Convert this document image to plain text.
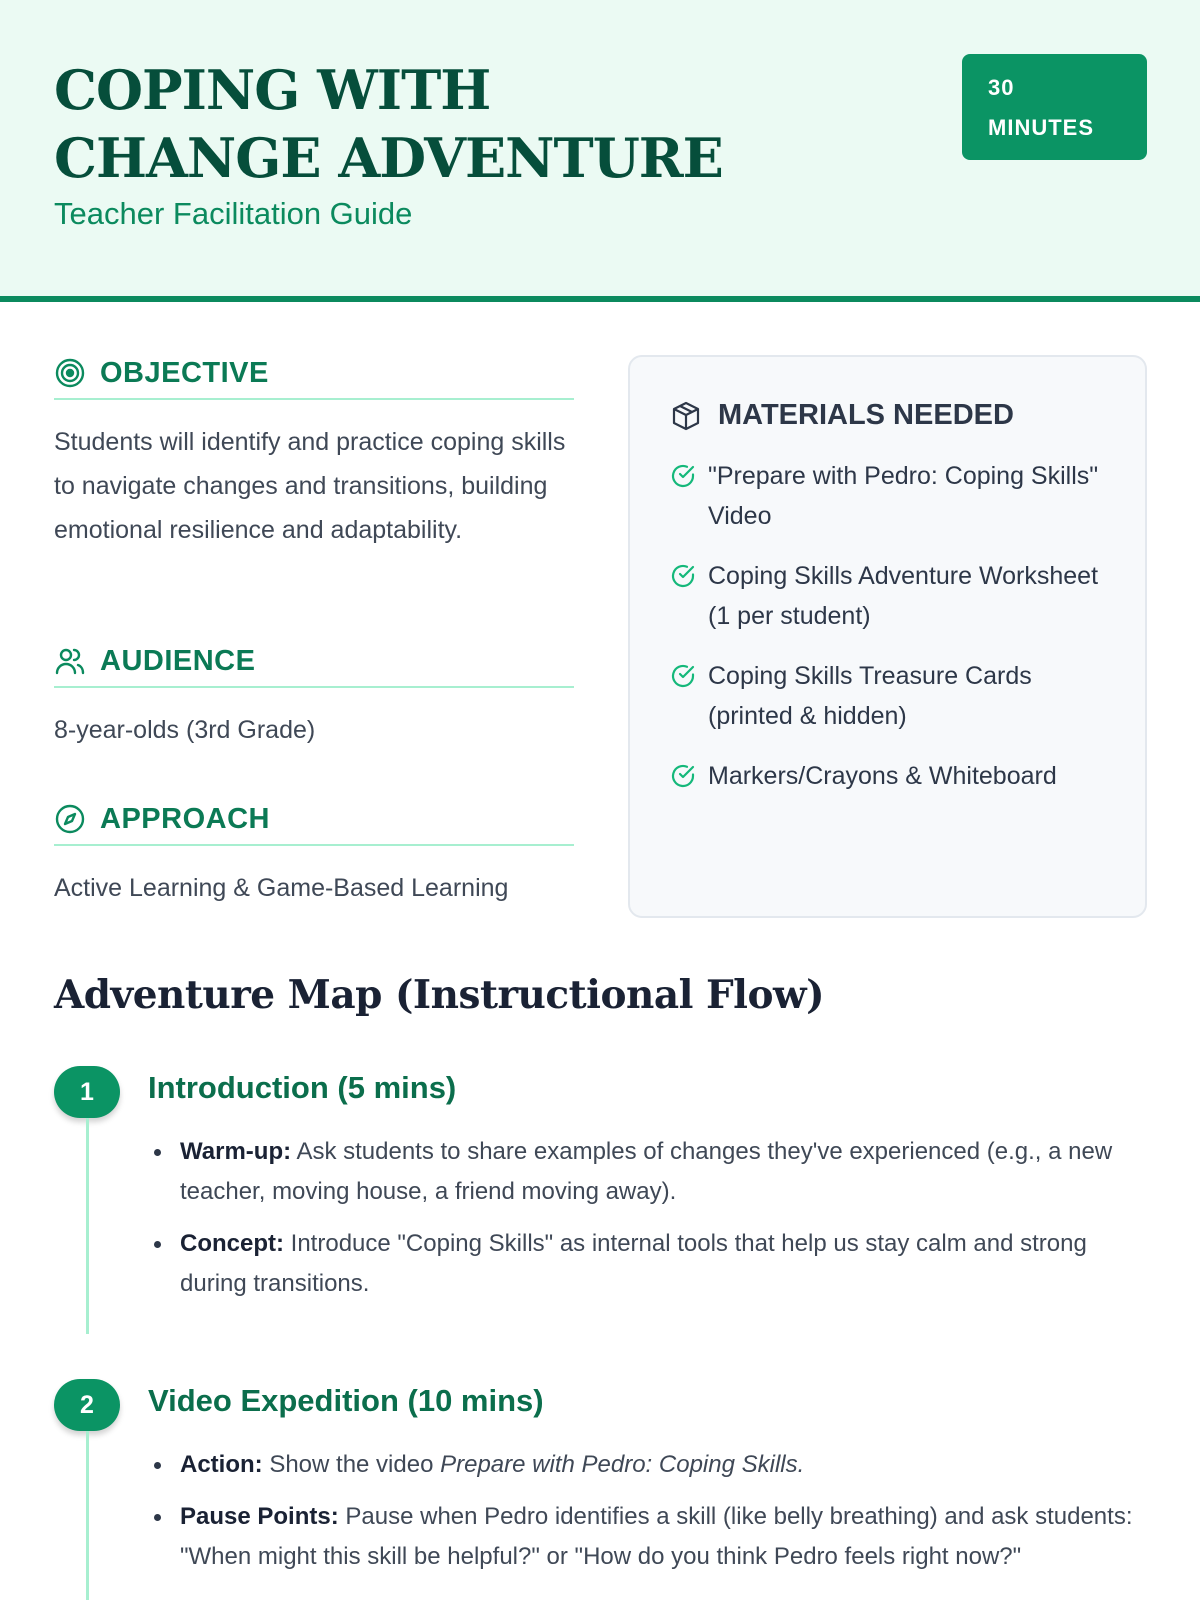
COPING WITH CHANGE ADVENTURE
Teacher Facilitation Guide
30 MINUTES
OBJECTIVE

Students will identify and practice coping skills to navigate changes and transitions, building emotional resilience and adaptability.

AUDIENCE

8-year-olds (3rd Grade)

APPROACH

Active Learning & Game-Based Learning

MATERIALS NEEDED
"Prepare with Pedro: Coping Skills" Video
Coping Skills Adventure Worksheet (1 per student)
Coping Skills Treasure Cards (printed & hidden)
Markers/Crayons & Whiteboard
Adventure Map (Instructional Flow)
1	Introduction (5 mins)
Warm-up: Ask students to share examples of changes they've experienced (e.g., a new teacher, moving house, a friend moving away).
Concept: Introduce "Coping Skills" as internal tools that help us stay calm and strong during transitions.
2	Video Expedition (10 mins)
Action: Show the video Prepare with Pedro: Coping Skills.
Pause Points: Pause when Pedro identifies a skill (like belly breathing) and ask students: "When might this skill be helpful?" or "How do you think Pedro feels right now?"
